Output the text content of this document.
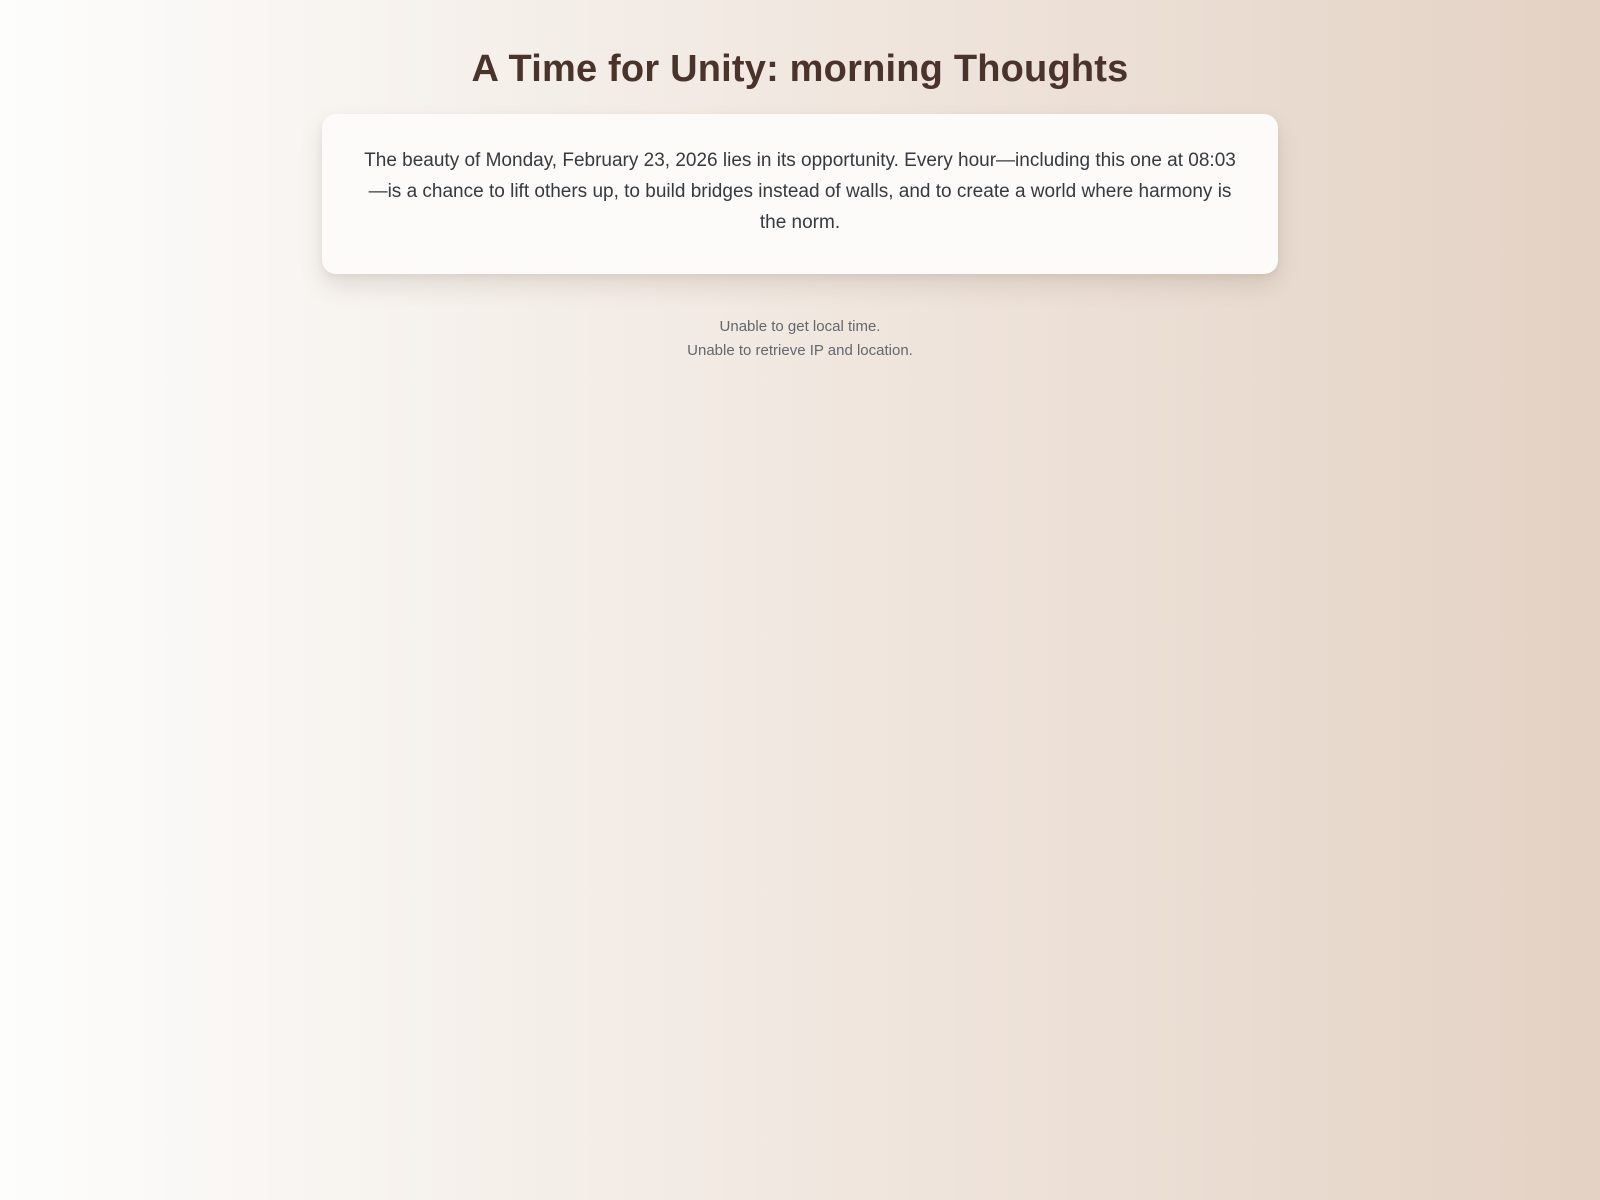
A Time for Unity: morning Thoughts

The beauty of Monday, February 23, 2026 lies in its opportunity. Every hour—including this one at 08:03—is a chance to lift others up, to build bridges instead of walls, and to create a world where harmony is the norm.

Unable to get local time.

Unable to retrieve IP and location.
